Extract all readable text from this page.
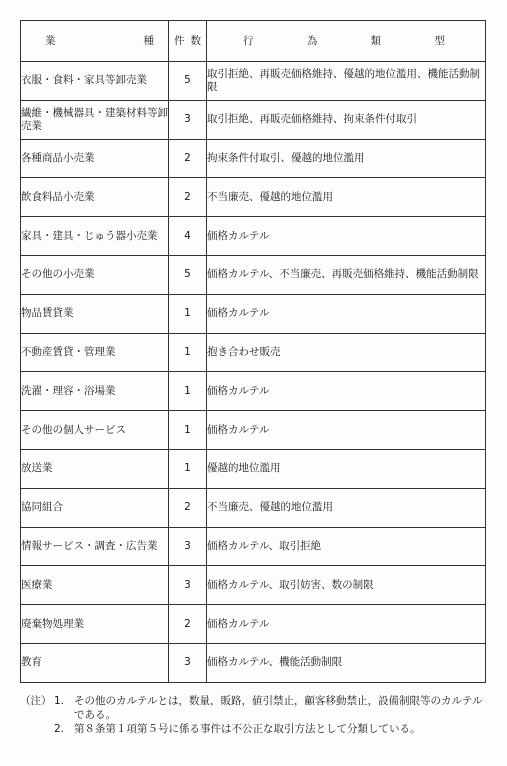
業 種	件 数	行 為 類 型

衣服・食料・家具等卸売業	5	取引拒絶、再販売価格維持、優越的地位濫用、機能活動制限
繊維・機械器具・建築材料等卸売業	3	取引拒絶、再販売価格維持、拘束条件付取引
各種商品小売業	2	拘束条件付取引、優越的地位濫用
飲食料品小売業	2	不当廉売、優越的地位濫用
家具・建具・じゅう器小売業	4	価格カルテル
その他の小売業	5	価格カルテル、不当廉売、再販売価格維持、機能活動制限
物品賃貸業	1	価格カルテル
不動産賃貸・管理業	1	抱き合わせ販売
洗濯・理容・浴場業	1	価格カルテル
その他の個人サービス	1	価格カルテル
放送業	1	優越的地位濫用
協同組合	2	不当廉売、優越的地位濫用
情報サービス・調査・広告業	3	価格カルテル、取引拒絶
医療業	3	価格カルテル、取引妨害、数の制限
廃棄物処理業	2	価格カルテル
教育	3	価格カルテル、機能活動制限
（注） 1. その他のカルテルとは，数量，販路，値引禁止，顧客移動禁止，設備制限等のカルテルである。
2. 第８条第１項第５号に係る事件は不公正な取引方法として分類している。
